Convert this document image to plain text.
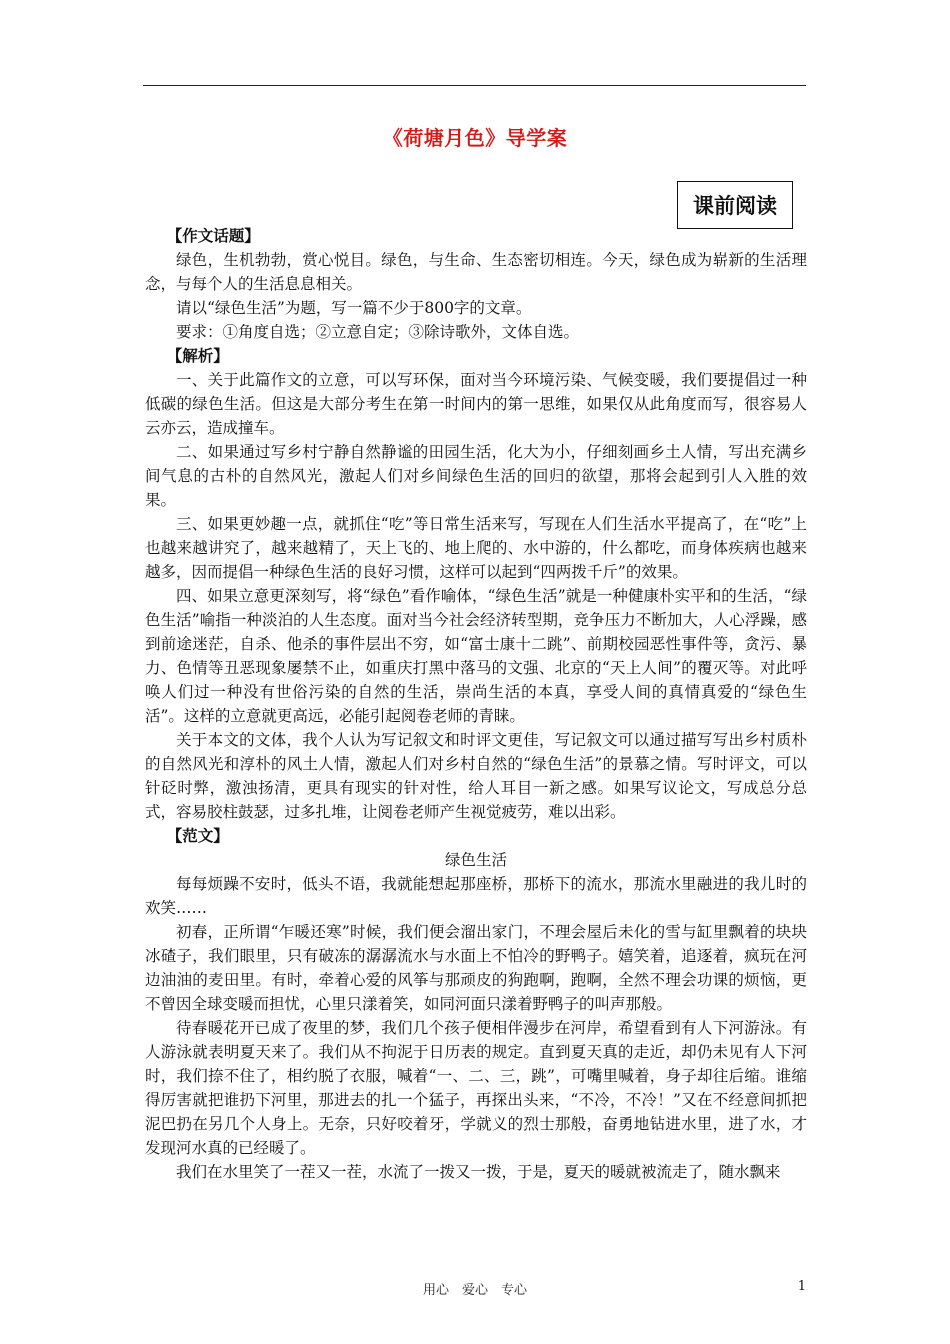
《荷塘月色》导学案
课前阅读

【作文话题】

绿色，生机勃勃，赏心悦目。绿色，与生命、生态密切相连。今天，绿色成为崭新的生活理念，与每个人的生活息息相关。

请以“绿色生活”为题，写一篇不少于800字的文章。

要求：①角度自选；②立意自定；③除诗歌外，文体自选。

【解析】

一、关于此篇作文的立意，可以写环保，面对当今环境污染、气候变暖，我们要提倡过一种低碳的绿色生活。但这是大部分考生在第一时间内的第一思维，如果仅从此角度而写，很容易人云亦云，造成撞车。

二、如果通过写乡村宁静自然静谧的田园生活，化大为小，仔细刻画乡土人情，写出充满乡间气息的古朴的自然风光，激起人们对乡间绿色生活的回归的欲望，那将会起到引人入胜的效果。

三、如果更妙趣一点，就抓住“吃”等日常生活来写，写现在人们生活水平提高了，在“吃”上也越来越讲究了，越来越精了，天上飞的、地上爬的、水中游的，什么都吃，而身体疾病也越来越多，因而提倡一种绿色生活的良好习惯，这样可以起到“四两拨千斤”的效果。

四、如果立意更深刻写，将“绿色”看作喻体，“绿色生活”就是一种健康朴实平和的生活，“绿色生活”喻指一种淡泊的人生态度。面对当今社会经济转型期，竞争压力不断加大，人心浮躁，感到前途迷茫，自杀、他杀的事件层出不穷，如“富士康十二跳”、前期校园恶性事件等，贪污、暴力、色情等丑恶现象屡禁不止，如重庆打黑中落马的文强、北京的“天上人间”的覆灭等。对此呼唤人们过一种没有世俗污染的自然的生活，崇尚生活的本真，享受人间的真情真爱的“绿色生活”。这样的立意就更高远，必能引起阅卷老师的青睐。

关于本文的文体，我个人认为写记叙文和时评文更佳，写记叙文可以通过描写写出乡村质朴的自然风光和淳朴的风土人情，激起人们对乡村自然的“绿色生活”的景慕之情。写时评文，可以针砭时弊，激浊扬清，更具有现实的针对性，给人耳目一新之感。如果写议论文，写成总分总式，容易胶柱鼓瑟，过多扎堆，让阅卷老师产生视觉疲劳，难以出彩。

【范文】

绿色生活

每每烦躁不安时，低头不语，我就能想起那座桥，那桥下的流水，那流水里融进的我儿时的欢笑……

初春，正所谓“乍暖还寒”时候，我们便会溜出家门，不理会屋后未化的雪与缸里飘着的块块冰碴子，我们眼里，只有破冻的潺潺流水与水面上不怕冷的野鸭子。嬉笑着，追逐着，疯玩在河边油油的麦田里。有时，牵着心爱的风筝与那顽皮的狗跑啊，跑啊，全然不理会功课的烦恼，更不曾因全球变暖而担忧，心里只漾着笑，如同河面只漾着野鸭子的叫声那般。

待春暖花开已成了夜里的梦，我们几个孩子便相伴漫步在河岸，希望看到有人下河游泳。有人游泳就表明夏天来了。我们从不拘泥于日历表的规定。直到夏天真的走近，却仍未见有人下河时，我们捺不住了，相约脱了衣服，喊着“一、二、三，跳”，可嘴里喊着，身子却往后缩。谁缩得厉害就把谁扔下河里，那进去的扎一个猛子，再探出头来，“不冷，不冷！”又在不经意间抓把泥巴扔在另几个人身上。无奈，只好咬着牙，学就义的烈士那般，奋勇地钻进水里，进了水，才发现河水真的已经暖了。

我们在水里笑了一茬又一茬，水流了一拨又一拨，于是，夏天的暖就被流走了，随水飘来

用心　爱心　专心	1
